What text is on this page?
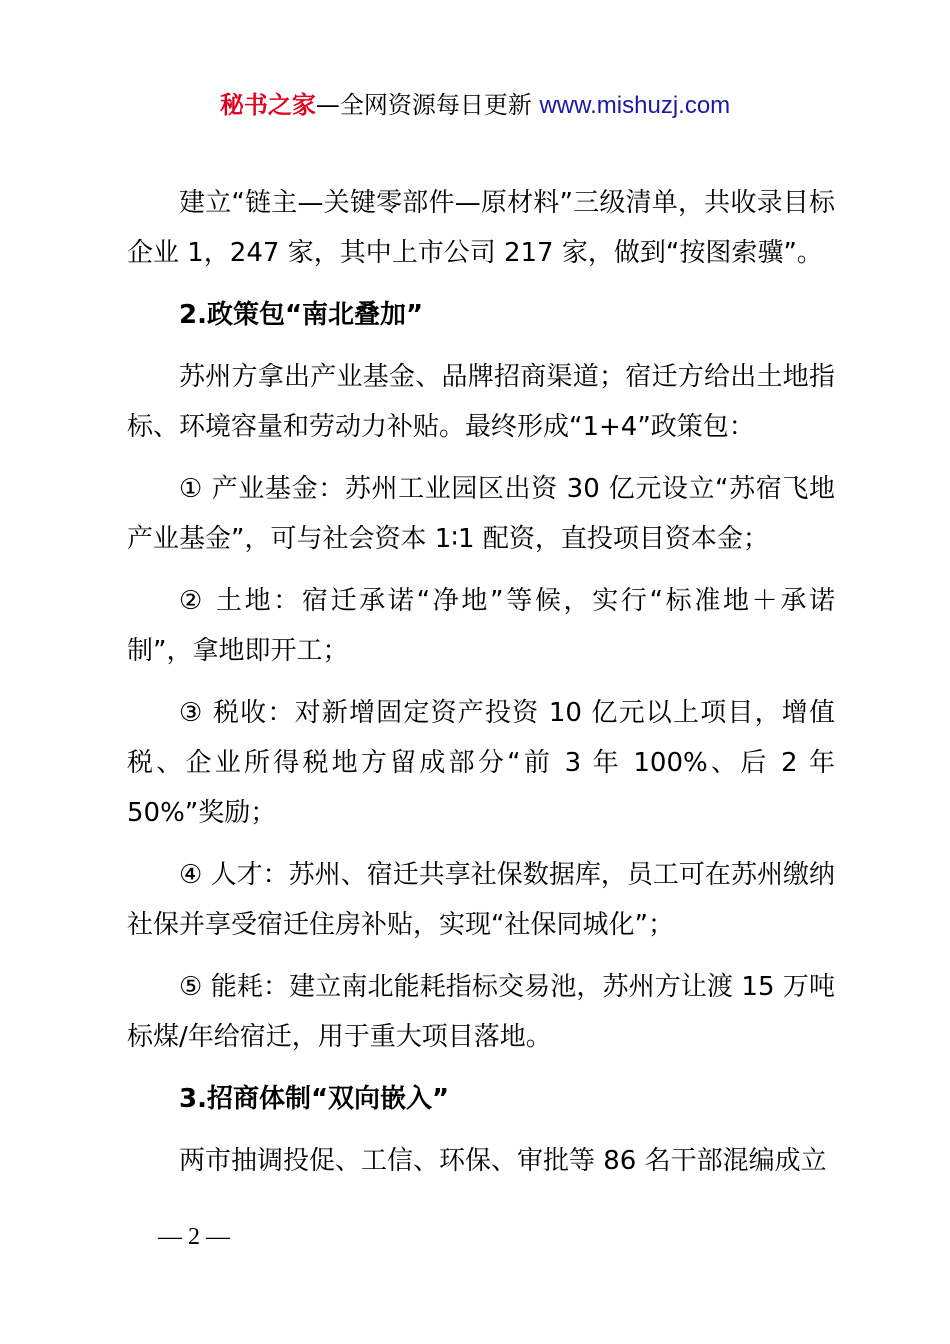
秘书之家—全网资源每日更新 www.mishuzj.com

建立“链主—关键零部件—原材料”三级清单，共收录目标企业 1，247 家，其中上市公司 217 家，做到“按图索骥”。

2.政策包“南北叠加”

苏州方拿出产业基金、品牌招商渠道；宿迁方给出土地指标、环境容量和劳动力补贴。最终形成“1+4”政策包：

① 产业基金：苏州工业园区出资 30 亿元设立“苏宿飞地产业基金”，可与社会资本 1∶1 配资，直投项目资本金；

② 土地：宿迁承诺“净地”等候，实行“标准地＋承诺制”，拿地即开工；

③ 税收：对新增固定资产投资 10 亿元以上项目，增值税、企业所得税地方留成部分“前 3 年 100%、后 2 年 50%”奖励；

④ 人才：苏州、宿迁共享社保数据库，员工可在苏州缴纳社保并享受宿迁住房补贴，实现“社保同城化”；

⑤ 能耗：建立南北能耗指标交易池，苏州方让渡 15 万吨标煤/年给宿迁，用于重大项目落地。

3.招商体制“双向嵌入”

两市抽调投促、工信、环保、审批等 86 名干部混编成立

— 2 —
